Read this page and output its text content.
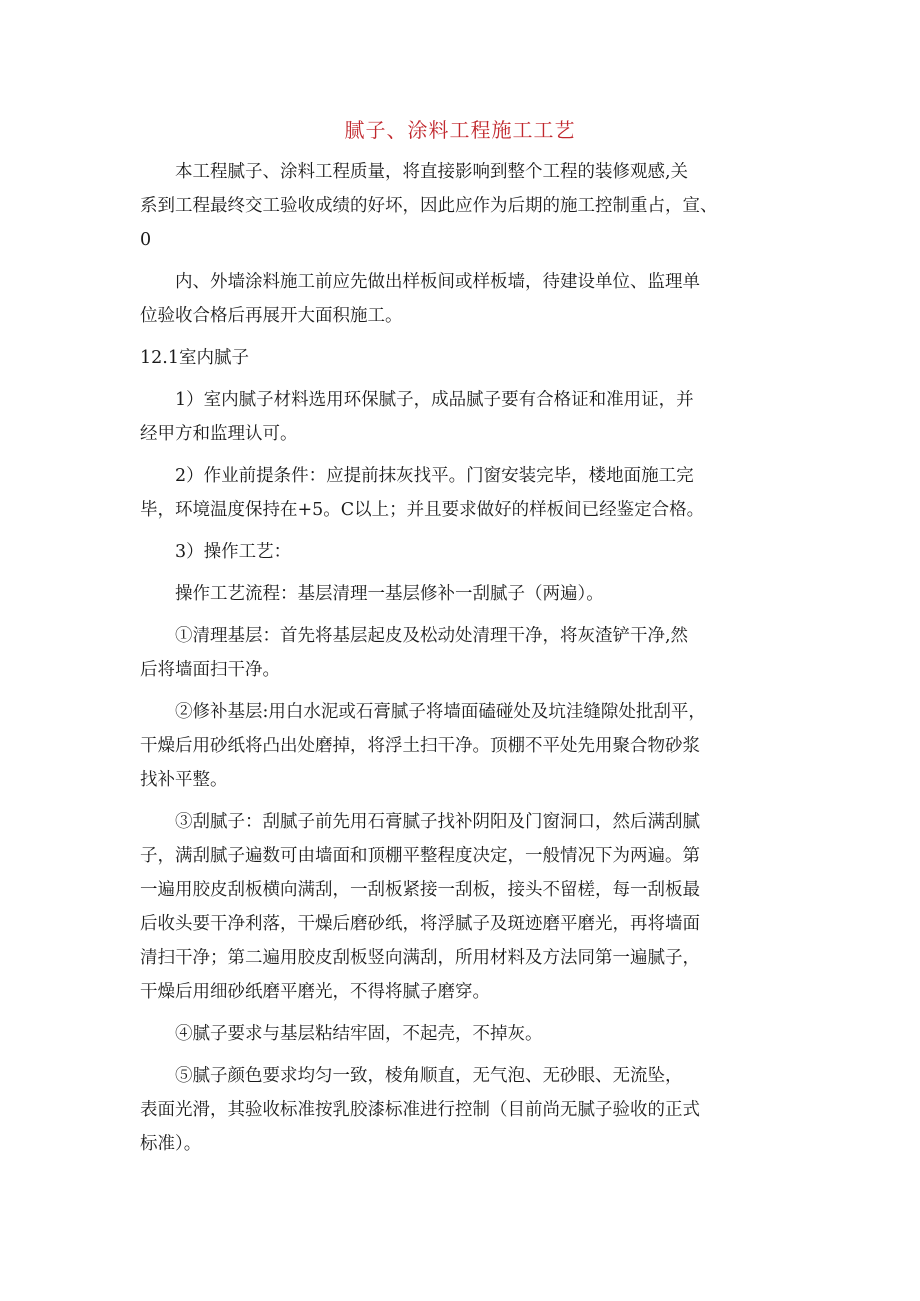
腻子、涂料工程施工工艺
本工程腻子、涂料工程质量，将直接影响到整个工程的装修观感,关
系到工程最终交工验收成绩的好坏，因此应作为后期的施工控制重占，宣、
0
内、外墙涂料施工前应先做出样板间或样板墙，待建设单位、监理单
位验收合格后再展开大面积施工。
12.1室内腻子
1）室内腻子材料选用环保腻子，成品腻子要有合格证和准用证，并
经甲方和监理认可。
2）作业前提条件：应提前抹灰找平。门窗安装完毕，楼地面施工完
毕，环境温度保持在+5。C以上；并且要求做好的样板间已经鉴定合格。
3）操作工艺：
操作工艺流程：基层清理一基层修补一刮腻子（两遍）。
①清理基层：首先将基层起皮及松动处清理干净，将灰渣铲干净,然
后将墙面扫干净。
②修补基层:用白水泥或石膏腻子将墙面磕碰处及坑洼缝隙处批刮平，
干燥后用砂纸将凸出处磨掉，将浮土扫干净。顶棚不平处先用聚合物砂浆
找补平整。
③刮腻子：刮腻子前先用石膏腻子找补阴阳及门窗洞口，然后满刮腻
子，满刮腻子遍数可由墙面和顶棚平整程度决定，一般情况下为两遍。第
一遍用胶皮刮板横向满刮，一刮板紧接一刮板，接头不留槎，每一刮板最
后收头要干净利落，干燥后磨砂纸，将浮腻子及斑迹磨平磨光，再将墙面
清扫干净；第二遍用胶皮刮板竖向满刮，所用材料及方法同第一遍腻子，
干燥后用细砂纸磨平磨光，不得将腻子磨穿。
④腻子要求与基层粘结牢固，不起壳，不掉灰。
⑤腻子颜色要求均匀一致，棱角顺直，无气泡、无砂眼、无流坠，
表面光滑，其验收标准按乳胶漆标准进行控制（目前尚无腻子验收的正式
标准）。
